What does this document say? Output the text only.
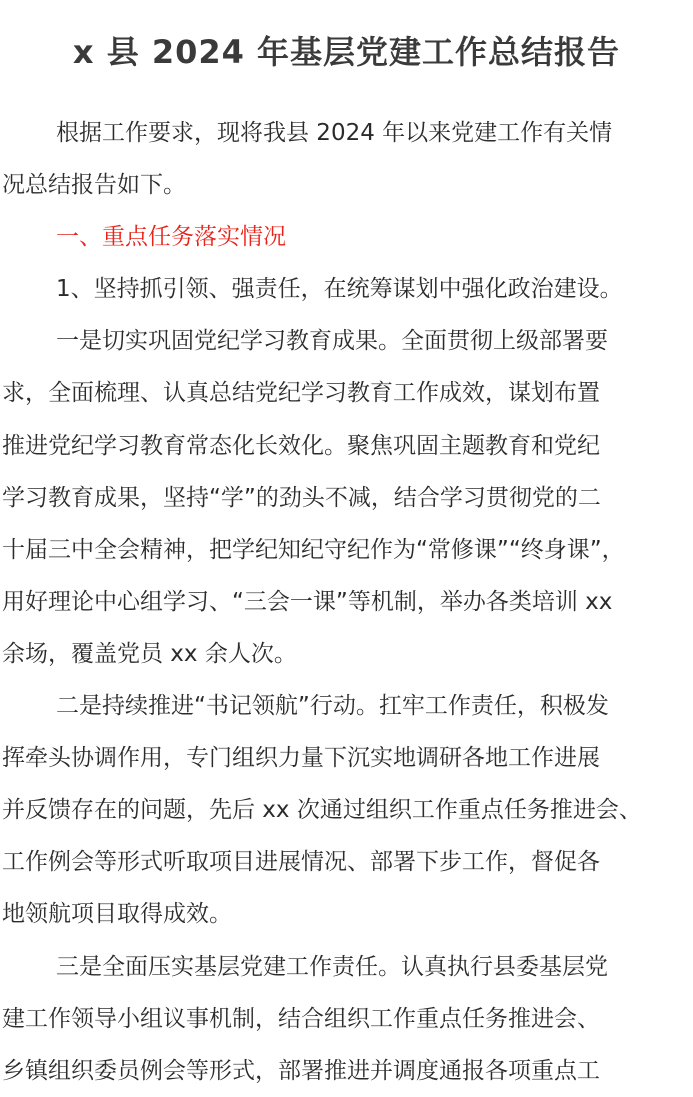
x 县 2024 年基层党建工作总结报告
根据工作要求，现将我县 2024 年以来党建工作有关情
况总结报告如下。
一、重点任务落实情况
1、坚持抓引领、强责任，在统筹谋划中强化政治建设。
一是切实巩固党纪学习教育成果。全面贯彻上级部署要
求，全面梳理、认真总结党纪学习教育工作成效，谋划布置
推进党纪学习教育常态化长效化。聚焦巩固主题教育和党纪
学习教育成果，坚持“学”的劲头不减，结合学习贯彻党的二
十届三中全会精神，把学纪知纪守纪作为“常修课”“终身课”，
用好理论中心组学习、“三会一课”等机制，举办各类培训 xx
余场，覆盖党员 xx 余人次。
二是持续推进“书记领航”行动。扛牢工作责任，积极发
挥牵头协调作用，专门组织力量下沉实地调研各地工作进展
并反馈存在的问题，先后 xx 次通过组织工作重点任务推进会、
工作例会等形式听取项目进展情况、部署下步工作，督促各
地领航项目取得成效。
三是全面压实基层党建工作责任。认真执行县委基层党
建工作领导小组议事机制，结合组织工作重点任务推进会、
乡镇组织委员例会等形式，部署推进并调度通报各项重点工
